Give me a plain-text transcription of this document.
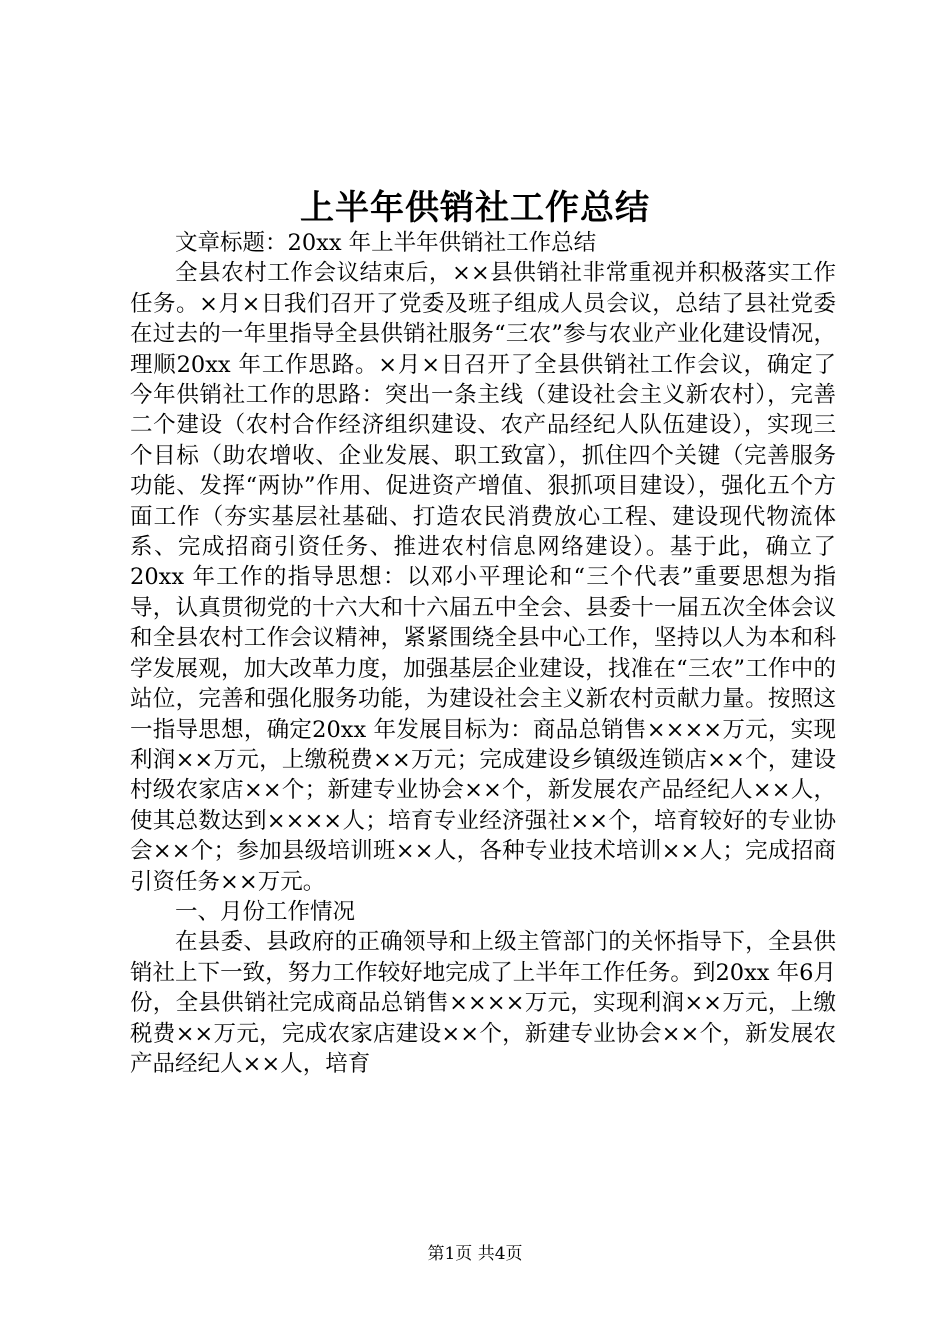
上半年供销社工作总结

文章标题：20xx 年上半年供销社工作总结

全县农村工作会议结束后，××县供销社非常重视并积极落实工作任务。×月×日我们召开了党委及班子组成人员会议，总结了县社党委在过去的一年里指导全县供销社服务“三农”参与农业产业化建设情况，理顺20xx 年工作思路。×月×日召开了全县供销社工作会议，确定了今年供销社工作的思路：突出一条主线（建设社会主义新农村），完善二个建设（农村合作经济组织建设、农产品经纪人队伍建设），实现三个目标（助农增收、企业发展、职工致富），抓住四个关键（完善服务功能、发挥“两协”作用、促进资产增值、狠抓项目建设），强化五个方面工作（夯实基层社基础、打造农民消费放心工程、建设现代物流体系、完成招商引资任务、推进农村信息网络建设）。基于此，确立了20xx 年工作的指导思想：以邓小平理论和“三个代表”重要思想为指导，认真贯彻党的十六大和十六届五中全会、县委十一届五次全体会议和全县农村工作会议精神，紧紧围绕全县中心工作，坚持以人为本和科学发展观，加大改革力度，加强基层企业建设，找准在“三农”工作中的站位，完善和强化服务功能，为建设社会主义新农村贡献力量。按照这一指导思想，确定20xx 年发展目标为：商品总销售××××万元，实现利润××万元，上缴税费××万元；完成建设乡镇级连锁店××个，建设村级农家店××个；新建专业协会××个，新发展农产品经纪人××人，使其总数达到××××人；培育专业经济强社××个，培育较好的专业协会××个；参加县级培训班××人，各种专业技术培训××人；完成招商引资任务××万元。

一、月份工作情况

在县委、县政府的正确领导和上级主管部门的关怀指导下，全县供销社上下一致，努力工作较好地完成了上半年工作任务。到20xx 年6月份，全县供销社完成商品总销售××××万元，实现利润××万元，上缴税费××万元，完成农家店建设××个，新建专业协会××个，新发展农产品经纪人××人，培育

第1页 共4页
